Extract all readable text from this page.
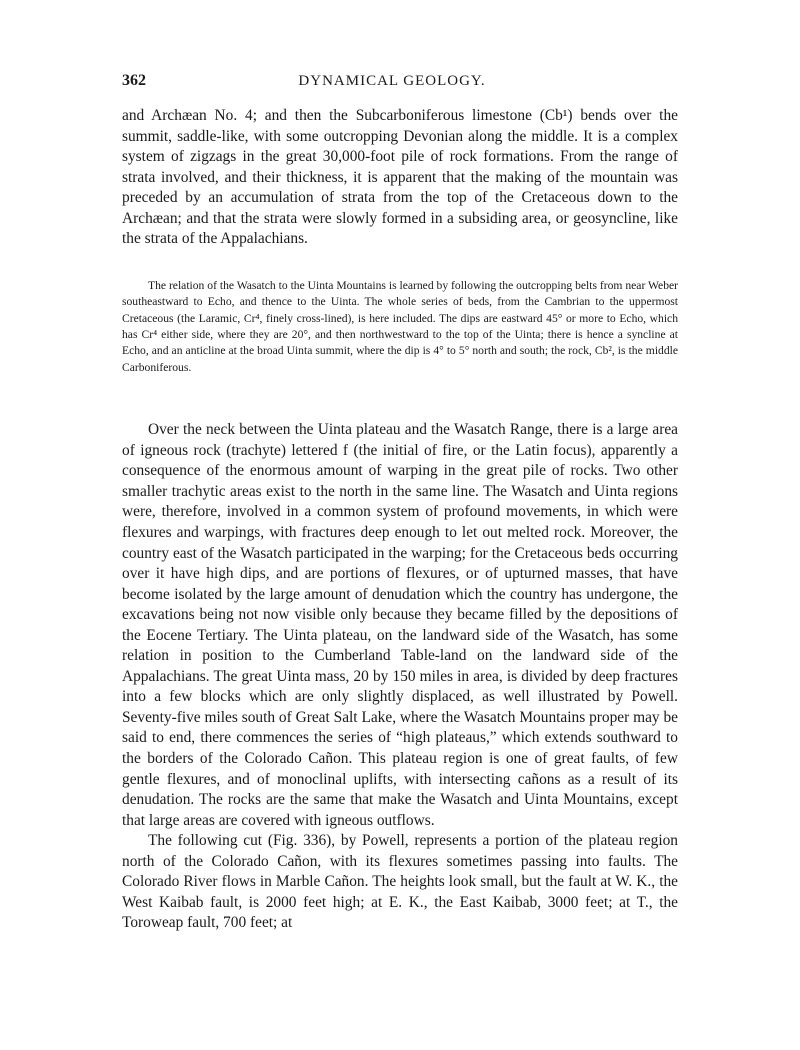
362	DYNAMICAL GEOLOGY.

and Archæan No. 4; and then the Subcarboniferous limestone (Cb¹) bends over the summit, saddle-like, with some outcropping Devonian along the middle. It is a complex system of zigzags in the great 30,000-foot pile of rock formations. From the range of strata involved, and their thickness, it is apparent that the making of the mountain was preceded by an accumulation of strata from the top of the Cretaceous down to the Archæan; and that the strata were slowly formed in a subsiding area, or geosyncline, like the strata of the Appalachians.

The relation of the Wasatch to the Uinta Mountains is learned by following the outcropping belts from near Weber southeastward to Echo, and thence to the Uinta. The whole series of beds, from the Cambrian to the uppermost Cretaceous (the Laramic, Cr⁴, finely cross-lined), is here included. The dips are eastward 45° or more to Echo, which has Cr⁴ either side, where they are 20°, and then northwestward to the top of the Uinta; there is hence a syncline at Echo, and an anticline at the broad Uinta summit, where the dip is 4° to 5° north and south; the rock, Cb², is the middle Carboniferous.

Over the neck between the Uinta plateau and the Wasatch Range, there is a large area of igneous rock (trachyte) lettered f (the initial of fire, or the Latin focus), apparently a consequence of the enormous amount of warping in the great pile of rocks. Two other smaller trachytic areas exist to the north in the same line. The Wasatch and Uinta regions were, therefore, involved in a common system of profound movements, in which were flexures and warpings, with fractures deep enough to let out melted rock. Moreover, the country east of the Wasatch participated in the warping; for the Cretaceous beds occurring over it have high dips, and are portions of flexures, or of upturned masses, that have become isolated by the large amount of denudation which the country has undergone, the excavations being not now visible only because they became filled by the depositions of the Eocene Tertiary. The Uinta plateau, on the landward side of the Wasatch, has some relation in position to the Cumberland Table-land on the landward side of the Appalachians. The great Uinta mass, 20 by 150 miles in area, is divided by deep fractures into a few blocks which are only slightly displaced, as well illustrated by Powell. Seventy-five miles south of Great Salt Lake, where the Wasatch Mountains proper may be said to end, there commences the series of “high plateaus,” which extends southward to the borders of the Colorado Cañon. This plateau region is one of great faults, of few gentle flexures, and of monoclinal uplifts, with intersecting cañons as a result of its denudation. The rocks are the same that make the Wasatch and Uinta Mountains, except that large areas are covered with igneous outflows.

The following cut (Fig. 336), by Powell, represents a portion of the plateau region north of the Colorado Cañon, with its flexures sometimes passing into faults. The Colorado River flows in Marble Cañon. The heights look small, but the fault at W. K., the West Kaibab fault, is 2000 feet high; at E. K., the East Kaibab, 3000 feet; at T., the Toroweap fault, 700 feet; at
